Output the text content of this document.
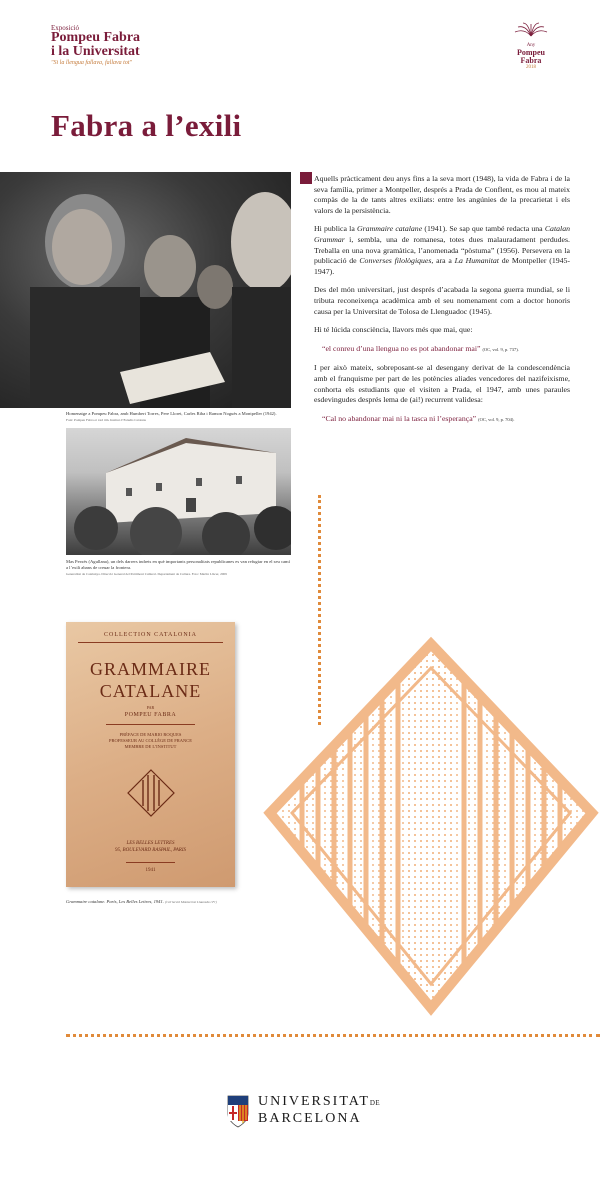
Exposició
Pompeu Fabra
i la Universitat
"Si la llengua fallava, fallava tot"
Any
Pompeu
Fabra
2018
Fabra a l’exili
Homenatge a Pompeu Fabra, amb Humbert Torres, Pere Lloret, Carles Riba i Ramon Noguès a Montpeller (1942).
Font: Pompeu Fabra et totd tim. Institut d’Estudis Catalans
Mas Perxés (Agullana), un dels darrers indrets en què importants personalitats republicanes es van refugiar en el seu camí a l’exili abans de creuar la frontera.
Generalitat de Catalunya. Direcció General del Patrimoni Cultural. Departament de Cultura. Foto: Martín Llácer, 2009
COLLECTION CATALONIA
GRAMMAIRE
CATALANE
PAR
POMPEU FABRA
PRÉFACE DE MARIO ROQUES
PROFESSEUR AU COLLÈGE DE FRANCE
MEMBRE DE L’INSTITUT
LES BELLES LETTRES
95, BOULEVARD RASPAIL, PARIS
1941
Grammaire catalane. París, Les Belles Lettres, 1941. (Col·lecció Montserrat Llaurado i Fr)

Aquells pràcticament deu anys fins a la seva mort (1948), la vida de Fabra i de la seva família, primer a Montpeller, després a Prada de Conflent, es mou al mateix compàs de la de tants altres exiliats: entre les angúnies de la precarietat i els valors de la persistència.

Hi publica la Grammaire catalane (1941). Se sap que també redacta una Catalan Grammar i, sembla, una de romanesa, totes dues malauradament perdudes. Treballa en una nova gramàtica, l’anomenada “pòstuma” (1956). Persevera en la publicació de Converses filològiques, ara a La Humanitat de Montpeller (1945-1947).

Des del món universitari, just després d’acabada la segona guerra mundial, se li tributa reconeixença acadèmica amb el seu nomenament com a doctor honoris causa per la Universitat de Tolosa de Llenguadoc (1945).

Hi té lúcida consciència, llavors més que mai, que:

“el conreu d’una llengua no es pot abandonar mai” (OC, vol. 9, p. 737).

I per això mateix, sobreposant-se al desengany derivat de la condescendència amb el franquisme per part de les potències aliades vencedores del nazifeixisme, conhorta els estudiants que el visiten a Prada, el 1947, amb unes paraules esdevingudes després lema de (ai!) recurrent validesa:

“Cal no abandonar mai ni la tasca ni l’esperança” (OC, vol. 9, p. 704).

UNIVERSITATDE
BARCELONA
